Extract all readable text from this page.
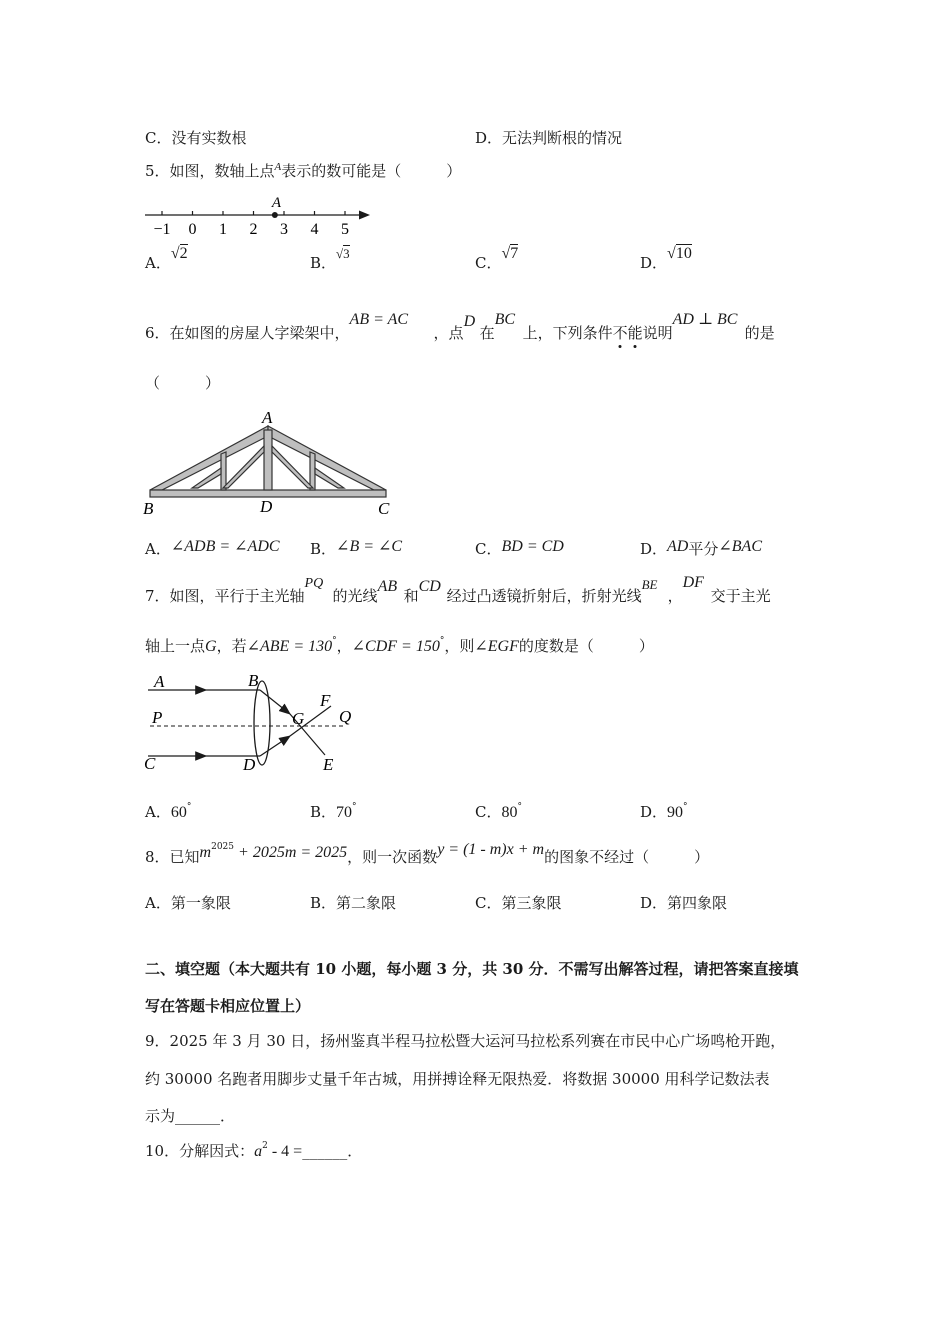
C．没有实数根	D．无法判断根的情况
5．如图，数轴上点$^A$表示的数可能是（　　　）
−1 0 1 2 3 4 5
A
A．√2
B．√3
C．√7
D．√10
6．在如图的房屋人字梁架中，AB = AC，点D在BC上，下列条件不能说明AD ⊥ BC的是
（　　　）
A
B	D	C
A．∠ADB = ∠ADC B．∠B = ∠C	C．BD = CD	D．AD平分∠BAC
7．如图，平行于主光轴PQ的光线AB和CD经过凸透镜折射后，折射光线BE，DF交于主光
轴上一点G，若∠ABE = 130°，∠CDF = 150°，则∠EGF的度数是（　　　）
A	B
P	G
F
Q
C	D	E
A．60°	B．70°	C．80°	D．90°
8．已知$m^{2025} + 2025m = 2025$，则一次函数y = (1 - m)x + m的图象不经过（　　　）
A．第一象限	B．第二象限	C．第三象限	D．第四象限
二、填空题（本大题共有 10 小题，每小题 3 分，共 30 分．不需写出解答过程，请把答案直接填
写在答题卡相应位置上）
9．2025 年 3 月 30 日，扬州鉴真半程马拉松暨大运河马拉松系列赛在市民中心广场鸣枪开跑，
约 30000 名跑者用脚步丈量千年古城，用拼搏诠释无限热爱．将数据 30000 用科学记数法表
示为______．
10．分解因式：$a^2 - 4$ =______．
